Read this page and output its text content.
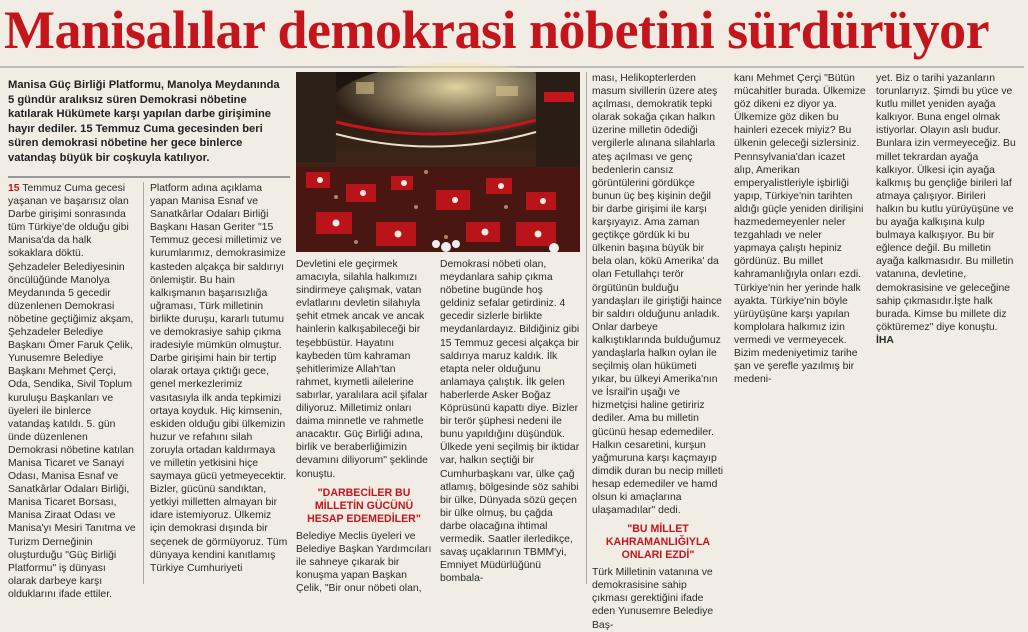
Manisalılar demokrasi nöbetini sürdürüyor
Manisa Güç Birliği Platformu, Manolya Meydanında 5 gündür aralıksız süren Demokrasi nöbetine katılarak Hükümete karşı yapılan darbe girişimine hayır dediler. 15 Temmuz Cuma gecesinden beri süren demokrasi nöbetine her gece binlerce vatandaş büyük bir coşkuyla katılıyor.

15 Temmuz Cuma gecesi yaşanan ve başarısız olan Darbe girişimi sonrasında tüm Türkiye'de olduğu gibi Manisa'da da halk sokaklara döktü. Şehzadeler Belediyesinin öncülüğünde Manolya Meydanında 5 gecedir düzenlenen Demokrasi nöbetine geçtiğimiz akşam, Şehzadeler Belediye Başkanı Ömer Faruk Çelik, Yunusemre Belediye Başkanı Mehmet Çerçi, Oda, Sendika, Sivil Toplum kuruluşu Başkanları ve üyeleri ile binlerce vatandaş katıldı. 5. gün ünde düzenlenen Demokrasi nöbetine katılan Manisa Ticaret ve Sanayi Odası, Manisa Esnaf ve Sanatkârlar Odaları Birliği, Manisa Ticaret Borsası, Manisa Ziraat Odası ve Manisa'yı Mesiri Tanıtma ve Turizm Derneğinin oluşturduğu "Güç Birliği Platformu" iş dünyası olarak darbeye karşı olduklarını ifade ettiler.

Platform adına açıklama yapan Manisa Esnaf ve Sanatkârlar Odaları Birliği Başkanı Hasan Geriter "15 Temmuz gecesi milletimiz ve kurumlarımız, demokrasimize kasteden alçakça bir saldırıyı önlemiştir. Bu hain kalkışmanın başarısızlığa uğraması, Türk milletinin birlikte duruşu, kararlı tutumu ve demokrasiye sahip çıkma iradesiyle mümkün olmuştur. Darbe girişimi hain bir tertip olarak ortaya çıktığı gece, genel merkezlerimiz vasıtasıyla ilk anda tepkimizi ortaya koyduk. Hiç kimsenin, eskiden olduğu gibi ülkemizin huzur ve refahını silah zoruyla ortadan kaldırmaya ve milletin yetkisini hiçe saymaya gücü yetmeyecektir. Bizler, gücünü sandıktan, yetkiyi milletten almayan bir idare istemiyoruz. Ülkemiz için demokrasi dışında bir seçenek de görmüyoruz. Tüm dünyaya kendini kanıtlamış Türkiye Cumhuriyeti

Devletini ele geçirmek amacıyla, silahla halkımızı sindirmeye çalışmak, vatan evlatlarını devletin silahıyla şehit etmek ancak ve ancak hainlerin kalkışabileceği bir teşebbüstür. Hayatını kaybeden tüm kahraman şehitlerimize Allah'tan rahmet, kıymetli ailelerine sabırlar, yaralılara acil şifalar diliyoruz. Milletimiz onları daima minnetle ve rahmetle anacaktır. Güç Birliği adına, birlik ve beraberliğimizin devamını diliyorum" şeklinde konuştu.

"DARBECİLER BU MİLLETİN GÜCÜNÜ HESAP EDEMEDİLER"

Belediye Meclis üyeleri ve Belediye Başkan Yardımcıları ile sahneye çıkarak bir konuşma yapan Başkan Çelik, "Bir onur nöbeti olan,

Demokrasi nöbeti olan, meydanlara sahip çıkma nöbetine bugünde hoş geldiniz sefalar getirdiniz. 4 gecedir sizlerle birlikte meydanlardayız. Bildiğiniz gibi 15 Temmuz gecesi alçakça bir saldırıya maruz kaldık. İlk etapta neler olduğunu anlamaya çalıştık. İlk gelen haberlerde Asker Boğaz Köprüsünü kapattı diye. Bizler bir terör şüphesi nedeni ile bunu yapıldığını düşündük. Ülkede yeni seçilmiş bir iktidar var, halkın seçtiği bir Cumhurbaşkanı var, ülke çağ atlamış, bölgesinde söz sahibi bir ülke, Dünyada sözü geçen bir ülke olmuş, bu çağda darbe olacağına ihtimal vermedik. Saatler ilerledikçe, savaş uçaklarının TBMM'yi, Emniyet Müdürlüğünü bombala-

ması, Helikopterlerden masum sivillerin üzere ateş açılması, demokratik tepki olarak sokağa çıkan halkın üzerine milletin ödediği vergilerle alınana silahlarla ateş açılması ve genç bedenlerin cansız görüntülerini gördükçe bunun üç beş kişinin değil bir darbe girişimi ile karşı karşıyayız. Ama zaman geçtikçe gördük ki bu ülkenin başına büyük bir bela olan, kökü Amerika' da olan Fetullahçı terör örgütünün bulduğu yandaşları ile giriştiği haince bir saldırı olduğunu anladık. Onlar darbeye kalkıştıklarında bulduğumuz yandaşlarla halkın oylan ile seçilmiş olan hükümeti yıkar, bu ülkeyi Amerika'nın ve İsrail'in uşağı ve hizmetçisi haline getiririz dediler. Ama bu milletin gücünü hesap edemediler. Halkın cesaretini, kurşun yağmuruna karşı kaçmayıp dimdik duran bu necip milleti hesap edemediler ve hamd olsun ki amaçlarına ulaşamadılar" dedi.

"BU MİLLET KAHRAMANLIĞIYLA ONLARI EZDİ"

Türk Milletinin vatanına ve demokrasisine sahip çıkması gerektiğini ifade eden Yunusemre Belediye Baş-

kanı Mehmet Çerçi "Bütün mücahitler burada. Ülkemize göz dikeni ez diyor ya. Ülkemize göz diken bu hainleri ezecek miyiz? Bu ülkenin geleceği sizlersiniz. Pennsylvania'dan icazet alıp, Amerikan emperyalistleriyle işbirliği yapıp, Türkiye'nin tarihten aldığı güçle yeniden dirilişini hazmedemeyenler neler tezgahladı ve neler yapmaya çalıştı hepiniz gördünüz. Bu millet kahramanlığıyla onları ezdi. Türkiye'nin her yerinde halk ayakta. Türkiye'nin böyle yürüyüşüne karşı yapılan komplolara halkımız izin vermedi ve vermeyecek. Bizim medeniyetimiz tarihe şan ve şerefle yazılmış bir medeni-

yet. Biz o tarihi yazanların torunlarıyız. Şimdi bu yüce ve kutlu millet yeniden ayağa kalkıyor. Buna engel olmak istiyorlar. Olayın aslı budur. Bunlara izin vermeyeceğiz. Bu millet tekrardan ayağa kalkıyor. Ülkesi için ayağa kalkmış bu gençliğe birileri laf atmaya çalışıyor. Birileri halkın bu kutlu yürüyüşüne ve bu ayağa kalkışına kulp bulmaya kalkışıyor. Bu bir eğlence değil. Bu milletin ayağa kalkmasıdır. Bu milletin vatanına, devletine, demokrasisine ve geleceğine sahip çıkmasıdır.İşte halk burada. Kimse bu millete diz çöktüremez" diye konuştu. İHA
